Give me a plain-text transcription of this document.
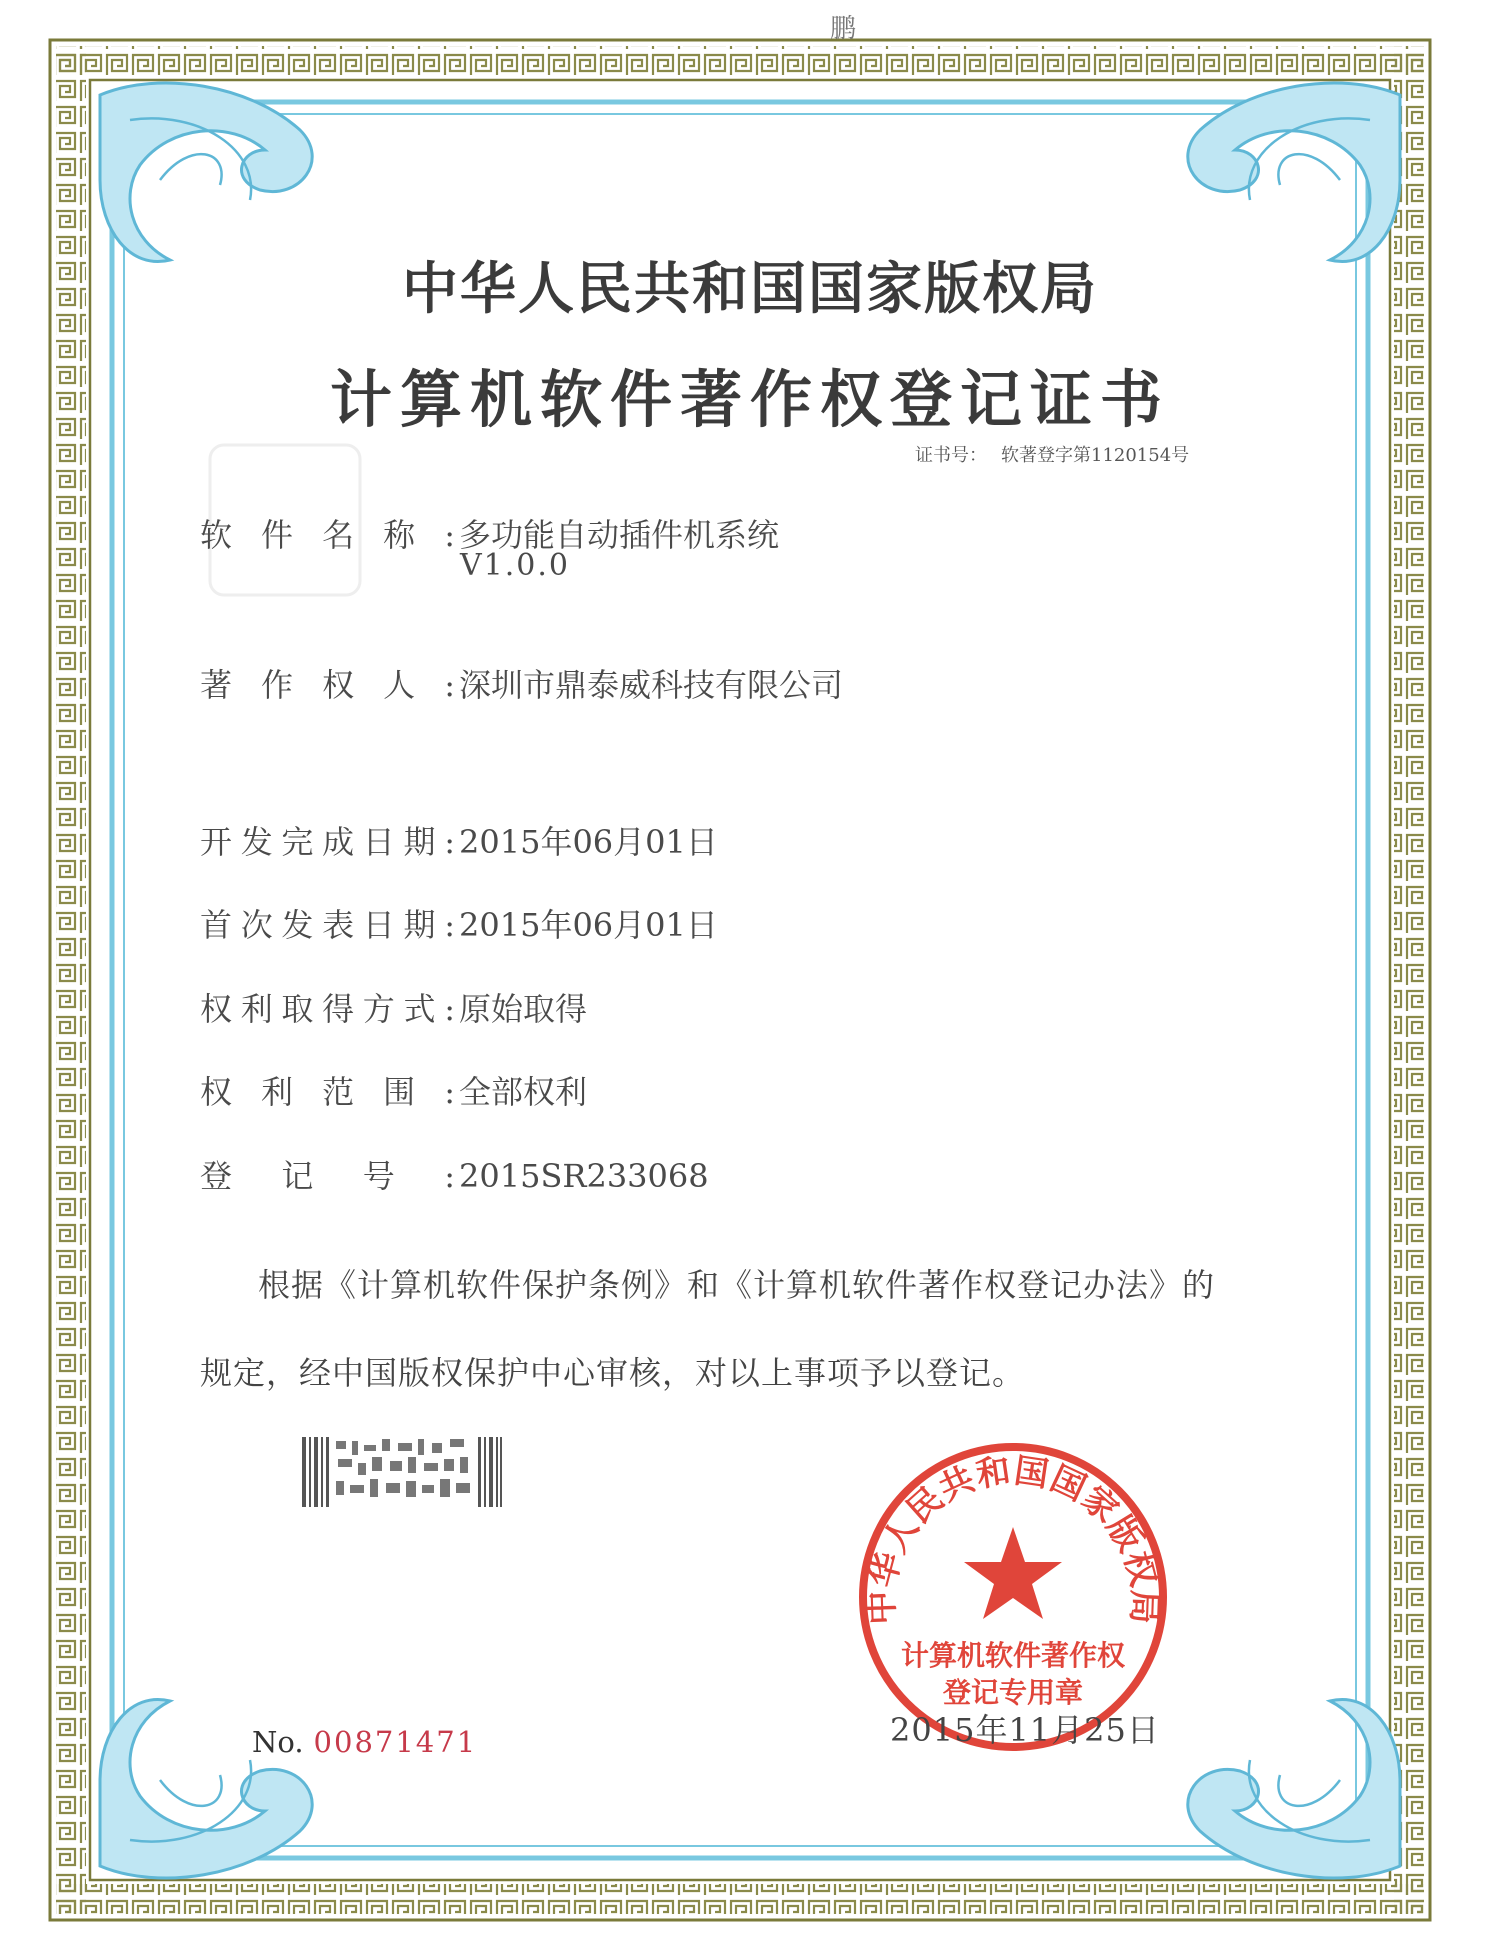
鹏
中华人民共和国国家版权局
计算机软件著作权登记证书
证书号： 软著登字第1120154号
软件名称: 多功能自动插件机系统
V1.0.0
著作权人: 深圳市鼎泰威科技有限公司
开发完成日期: 2015年06月01日
首次发表日期: 2015年06月01日
权利取得方式: 原始取得
权利范围: 全部权利
登记号: 2015SR233068
根据《计算机软件保护条例》和《计算机软件著作权登记办法》的
规定，经中国版权保护中心审核，对以上事项予以登记。
No. 00871471
中华人民共和国国家版权局
计算机软件著作权
登记专用章
2015年11月25日
